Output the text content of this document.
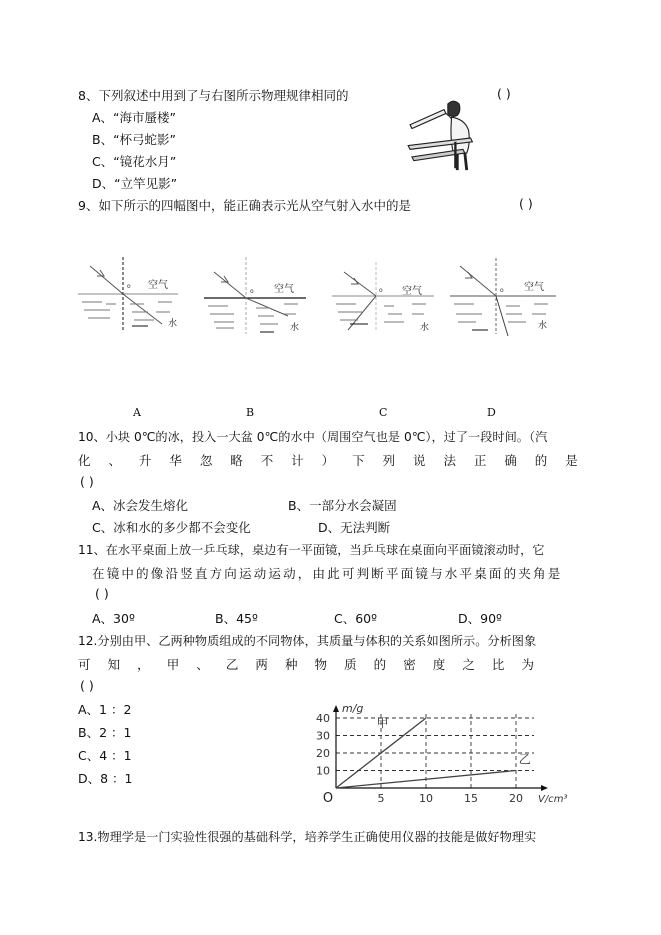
8、下列叙述中用到了与右图所示物理规律相同的	( )
A、“海市蜃楼”
B、“杯弓蛇影”
C、“镜花水月”
D、“立竿见影”
9、如下所示的四幅图中，能正确表示光从空气射入水中的是	( )
o 空气
水
o 空气
水
o 空气
水
o 空气
水
A	B	C	D
10、小块 0℃的冰，投入一大盆 0℃的水中（周围空气也是 0℃），过了一段时间。（汽
化 、 升 华 忽 略 不 计 ） 下 列 说 法 正 确 的 是
( )
A、冰会发生熔化	B、一部分水会凝固
C、冰和水的多少都不会变化	D、无法判断
11、在水平桌面上放一乒乓球，桌边有一平面镜，当乒乓球在桌面向平面镜滚动时，它
在镜中的像沿竖直方向运动运动，由此可判断平面镜与水平桌面的夹角是
( )
A、30º	B、45º	C、60º	D、90º
12.分别由甲、乙两种物质组成的不同物体，其质量与体积的关系如图所示。分析图象
可 知 ， 甲 、 乙 两 种 物 质 的 密 度 之 比 为
( )
A、1 ：2
B、2 ：1
C、4 ：1
D、8 ：1	10
20
30
40
5	10	15	20
m/g
V/cm³
O
甲
乙
13.物理学是一门实验性很强的基础科学，培养学生正确使用仪器的技能是做好物理实
